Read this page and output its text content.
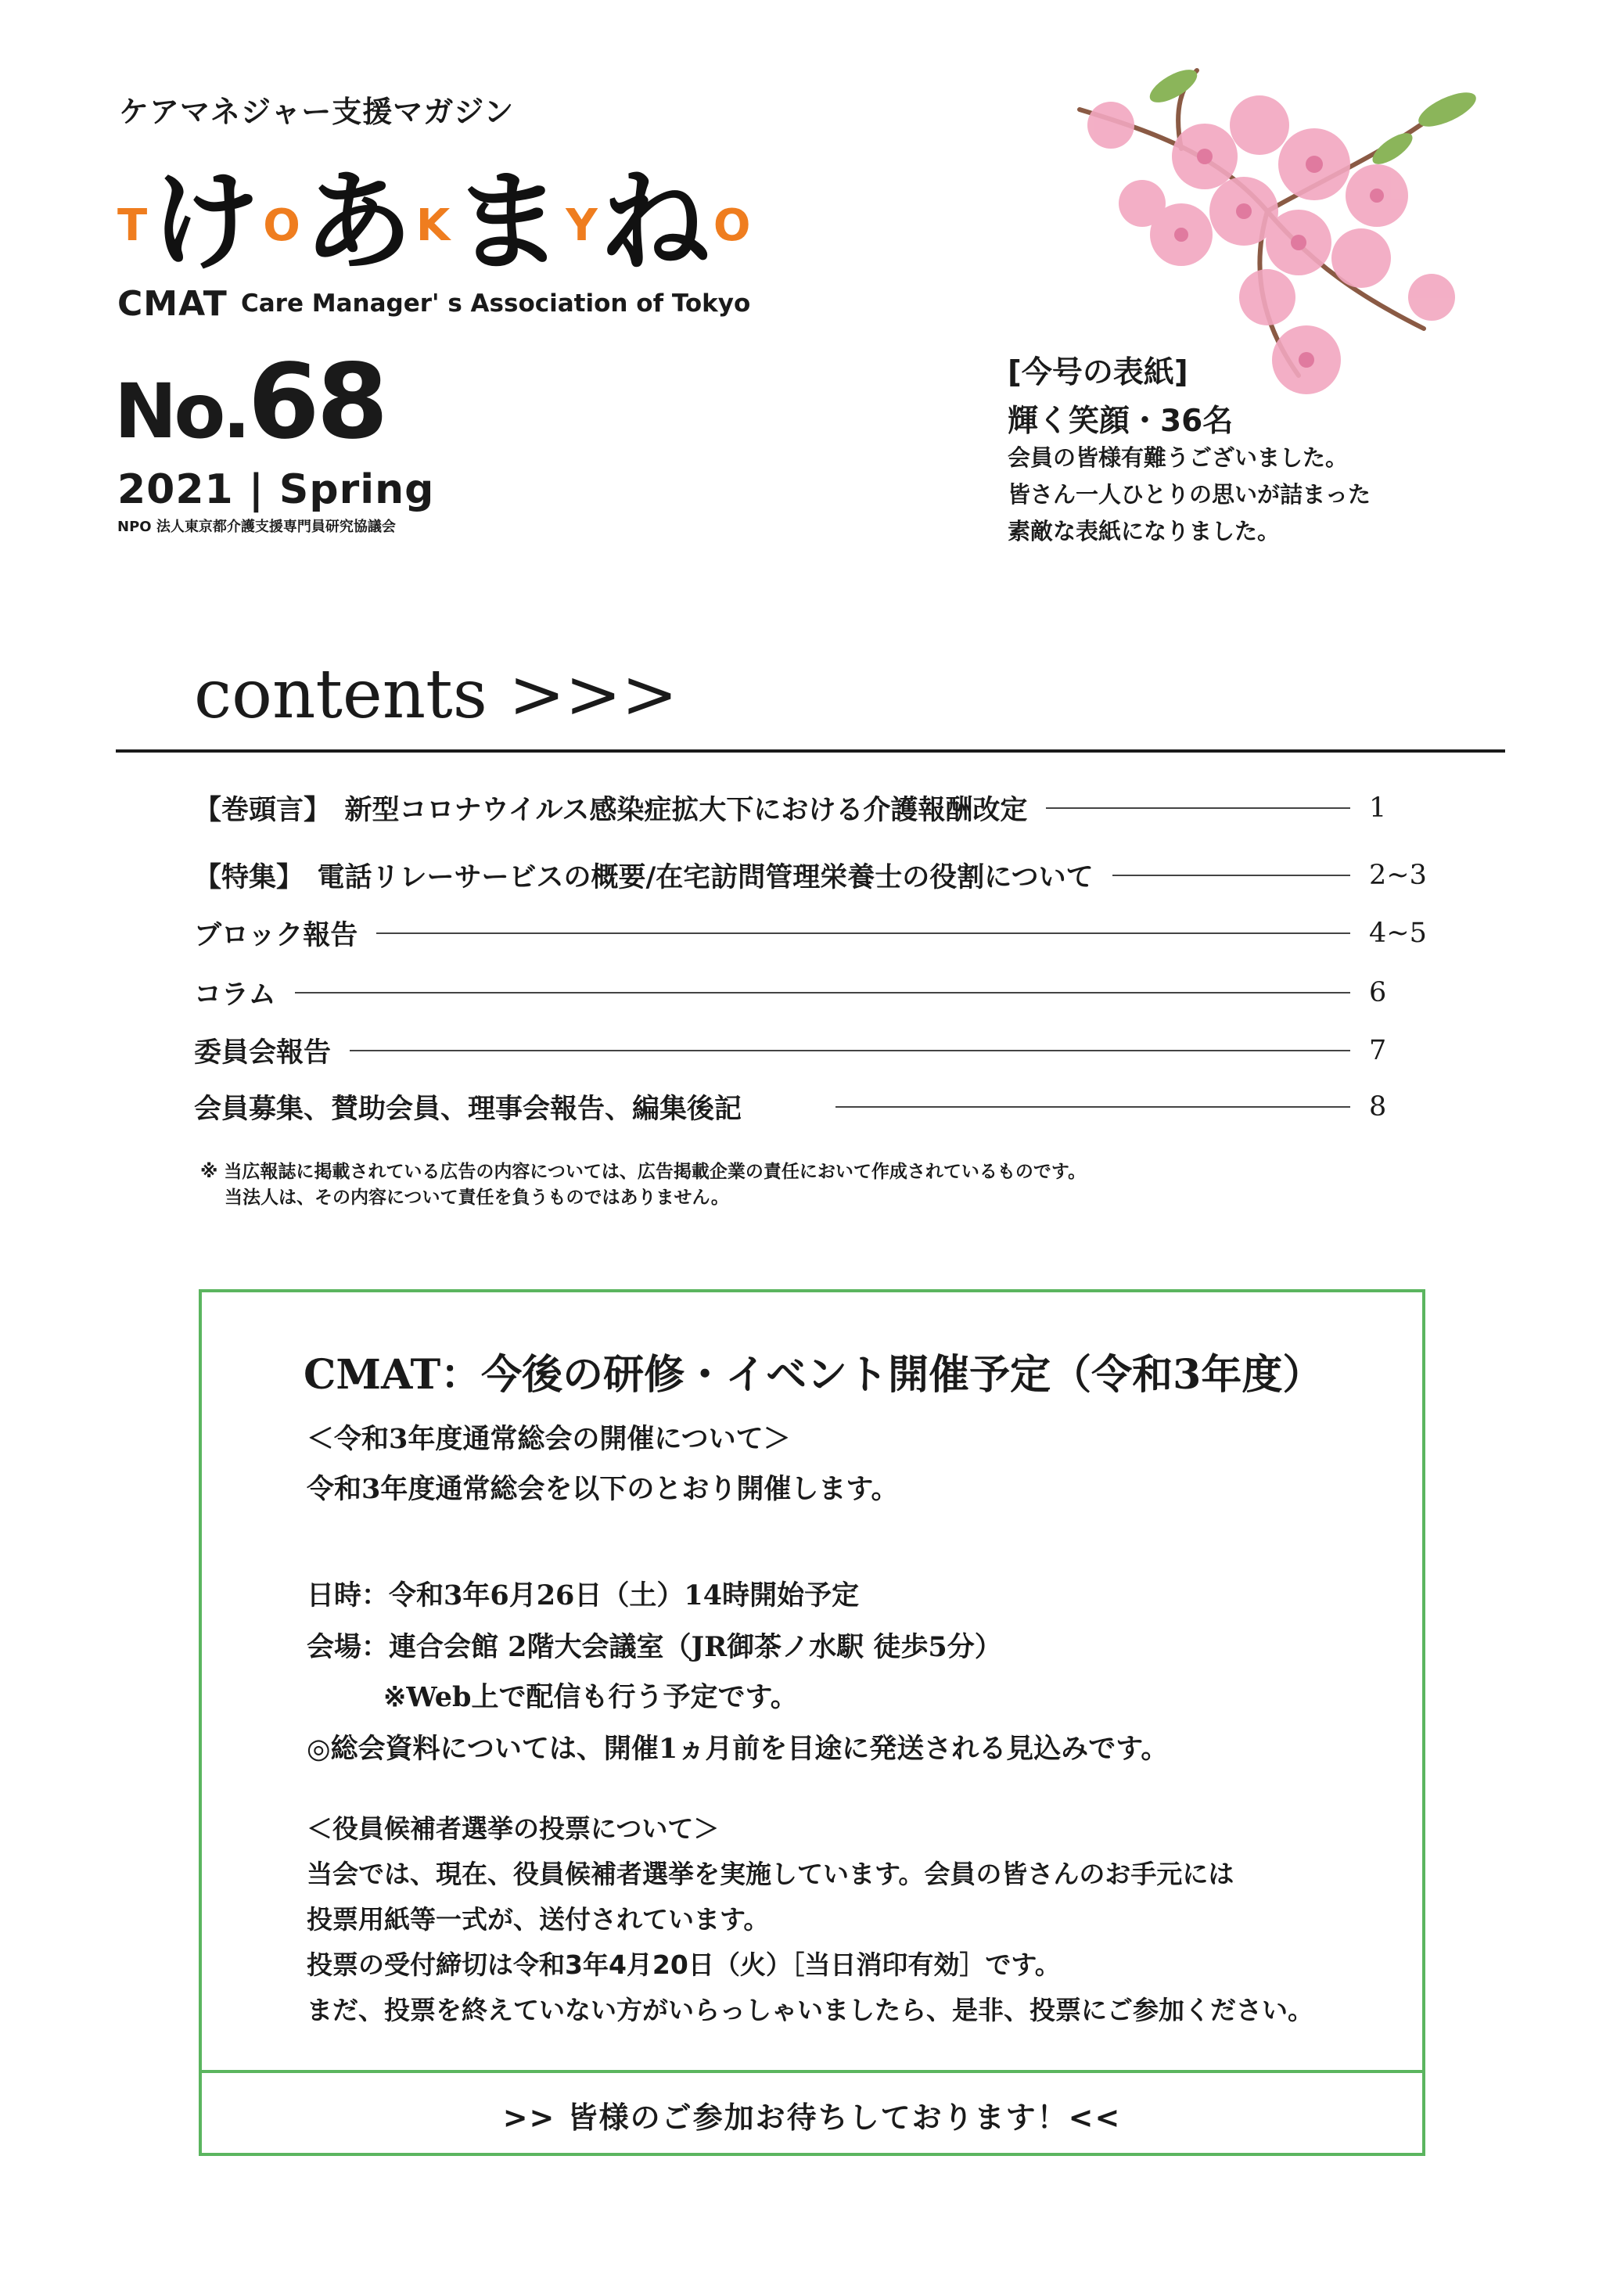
ケアマネジャー支援マガジン
T け O あ K ま Y ね O
CMAT Care Manager' s Association of Tokyo
No.68
2021 | Spring
NPO 法人東京都介護支援専門員研究協議会
[今号の表紙]
輝く笑顔・36名
会員の皆様有難うございました。
皆さん一人ひとりの思いが詰まった
素敵な表紙になりました。
contents >>>
【巻頭言】　新型コロナウイルス感染症拡大下における介護報酬改定	1
【特集】　電話リレーサービスの概要/在宅訪問管理栄養士の役割について	2~3
ブロック報告	4~5
コラム	6
委員会報告	7
会員募集、賛助会員、理事会報告、編集後記	8
※ 当広報誌に掲載されている広告の内容については、広告掲載企業の責任において作成されているものです。
　 当法人は、その内容について責任を負うものではありません。
CMAT：今後の研修・イベント開催予定（令和3年度）
＜令和3年度通常総会の開催について＞
令和3年度通常総会を以下のとおり開催します。
日時：令和3年6月26日（土）14時開始予定
会場：連合会館 2階大会議室（JR御茶ノ水駅 徒歩5分）
※Web上で配信も行う予定です。
◎総会資料については、開催1ヵ月前を目途に発送される見込みです。
＜役員候補者選挙の投票について＞
当会では、現在、役員候補者選挙を実施しています。会員の皆さんのお手元には
投票用紙等一式が、送付されています。
投票の受付締切は令和3年4月20日（火）［当日消印有効］です。
まだ、投票を終えていない方がいらっしゃいましたら、是非、投票にご参加ください。
>> 皆様のご参加お待ちしております！<<
